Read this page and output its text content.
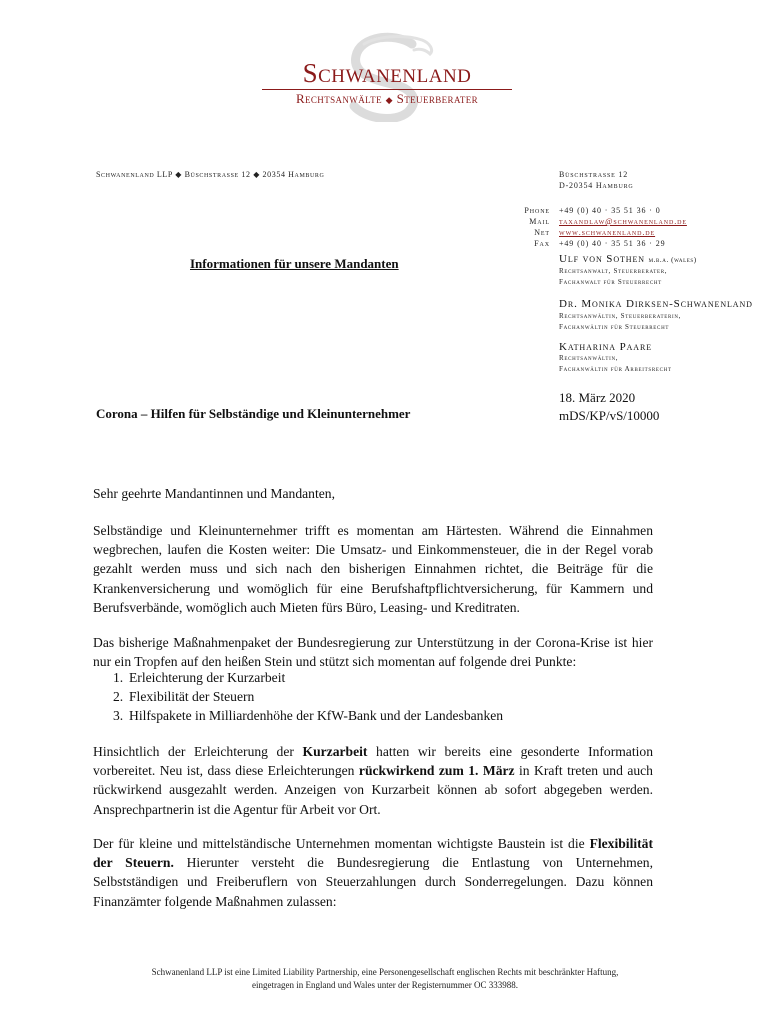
Schwanenland
Rechtsanwälte ◆ Steuerberater
Schwanenland LLP ◆ Büschstrasse 12 ◆ 20354 Hamburg	Büschstrasse 12
D-20354 Hamburg
Phone
Mail
Net
Fax
+49 (0) 40 · 35 51 36 · 0
taxandlaw@schwanenland.de
www.schwanenland.de
+49 (0) 40 · 35 51 36 · 29
Ulf von Sothen m.b.a. (wales)
Rechtsanwalt, Steuerberater,
Fachanwalt für Steuerrecht
Dr. Monika Dirksen-Schwanenland
Rechtsanwältin, Steuerberaterin,
Fachanwältin für Steuerrecht
Katharina Paare
Rechtsanwältin,
Fachanwältin für Arbeitsrecht
Informationen für unsere Mandanten
18. März 2020
mDS/KP/vS/10000
Corona – Hilfen für Selbständige und Kleinunternehmer
Sehr geehrte Mandantinnen und Mandanten,
Selbständige und Kleinunternehmer trifft es momentan am Härtesten. Während die Einnahmen wegbrechen, laufen die Kosten weiter: Die Umsatz- und Einkommensteuer, die in der Regel vorab gezahlt werden muss und sich nach den bisherigen Einnahmen richtet, die Beiträge für die Krankenversicherung und womöglich für eine Berufshaftpflichtversicherung, für Kammern und Berufsverbände, womöglich auch Mieten fürs Büro, Leasing- und Kreditraten.
Das bisherige Maßnahmenpaket der Bundesregierung zur Unterstützung in der Corona-Krise ist hier nur ein Tropfen auf den heißen Stein und stützt sich momentan auf folgende drei Punkte:
1. Erleichterung der Kurzarbeit
2. Flexibilität der Steuern
3. Hilfspakete in Milliardenhöhe der KfW-Bank und der Landesbanken
Hinsichtlich der Erleichterung der Kurzarbeit hatten wir bereits eine gesonderte Information vorbereitet. Neu ist, dass diese Erleichterungen rückwirkend zum 1. März in Kraft treten und auch rückwirkend ausgezahlt werden. Anzeigen von Kurzarbeit können ab sofort abgegeben werden. Ansprechpartnerin ist die Agentur für Arbeit vor Ort.
Der für kleine und mittelständische Unternehmen momentan wichtigste Baustein ist die Flexibilität der Steuern. Hierunter versteht die Bundesregierung die Entlastung von Unternehmen, Selbstständigen und Freiberuflern von Steuerzahlungen durch Sonderregelungen. Dazu können Finanzämter folgende Maßnahmen zulassen:
Schwanenland LLP ist eine Limited Liability Partnership, eine Personengesellschaft englischen Rechts mit beschränkter Haftung,
eingetragen in England und Wales unter der Registernummer OC 333988.
